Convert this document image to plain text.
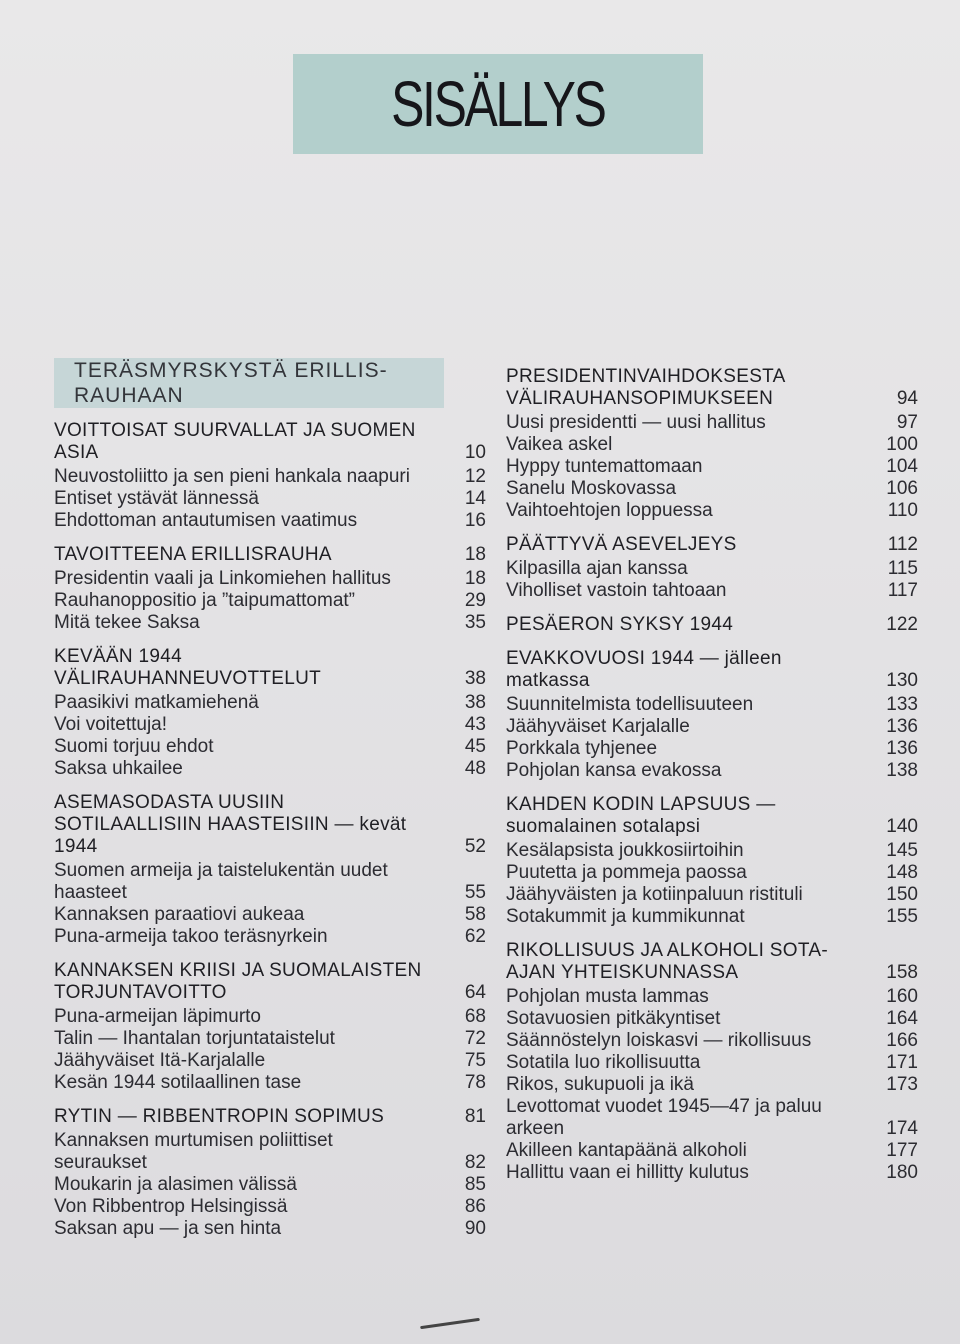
SISÄLLYS
TERÄSMYRSKYSTÄ ERILLIS-
RAUHAAN
VOITTOISAT SUURVALLAT JA SUOMEN ASIA	10
Neuvostoliitto ja sen pieni hankala naapuri	12
Entiset ystävät lännessä	14
Ehdottoman antautumisen vaatimus	16
TAVOITTEENA ERILLISRAUHA	18
Presidentin vaali ja Linkomiehen hallitus	18
Rauhanoppositio ja ”taipumattomat”	29
Mitä tekee Saksa	35
KEVÄÄN 1944 VÄLIRAUHANNEUVOTTELUT	38
Paasikivi matkamiehenä	38
Voi voitettuja!	43
Suomi torjuu ehdot	45
Saksa uhkailee	48
ASEMASODASTA UUSIIN SOTILAALLISIIN HAASTEISIIN — kevät 1944	52
Suomen armeija ja taistelukentän uudet haasteet	55
Kannaksen paraatiovi aukeaa	58
Puna-armeija takoo teräsnyrkein	62
KANNAKSEN KRIISI JA SUOMALAISTEN TORJUNTAVOITTO	64
Puna-armeijan läpimurto	68
Talin — Ihantalan torjuntataistelut	72
Jäähyväiset Itä-Karjalalle	75
Kesän 1944 sotilaallinen tase	78
RYTIN — RIBBENTROPIN SOPIMUS	81
Kannaksen murtumisen poliittiset seuraukset	82
Moukarin ja alasimen välissä	85
Von Ribbentrop Helsingissä	86
Saksan apu — ja sen hinta	90
PRESIDENTINVAIHDOKSESTA VÄLIRAUHANSOPIMUKSEEN	94
Uusi presidentti — uusi hallitus	97
Vaikea askel	100
Hyppy tuntemattomaan	104
Sanelu Moskovassa	106
Vaihtoehtojen loppuessa	110
PÄÄTTYVÄ ASEVELJEYS	112
Kilpasilla ajan kanssa	115
Viholliset vastoin tahtoaan	117
PESÄERON SYKSY 1944	122
EVAKKOVUOSI 1944 — jälleen matkassa	130
Suunnitelmista todellisuuteen	133
Jäähyväiset Karjalalle	136
Porkkala tyhjenee	136
Pohjolan kansa evakossa	138
KAHDEN KODIN LAPSUUS — suomalainen sotalapsi	140
Kesälapsista joukkosiirtoihin	145
Puutetta ja pommeja paossa	148
Jäähyväisten ja kotiinpaluun ristituli	150
Sotakummit ja kummikunnat	155
RIKOLLISUUS JA ALKOHOLI SOTA-AJAN YHTEISKUNNASSA	158
Pohjolan musta lammas	160
Sotavuosien pitkäkyntiset	164
Säännöstelyn loiskasvi — rikollisuus	166
Sotatila luo rikollisuutta	171
Rikos, sukupuoli ja ikä	173
Levottomat vuodet 1945—47 ja paluu arkeen	174
Akilleen kantapäänä alkoholi	177
Hallittu vaan ei hillitty kulutus	180
